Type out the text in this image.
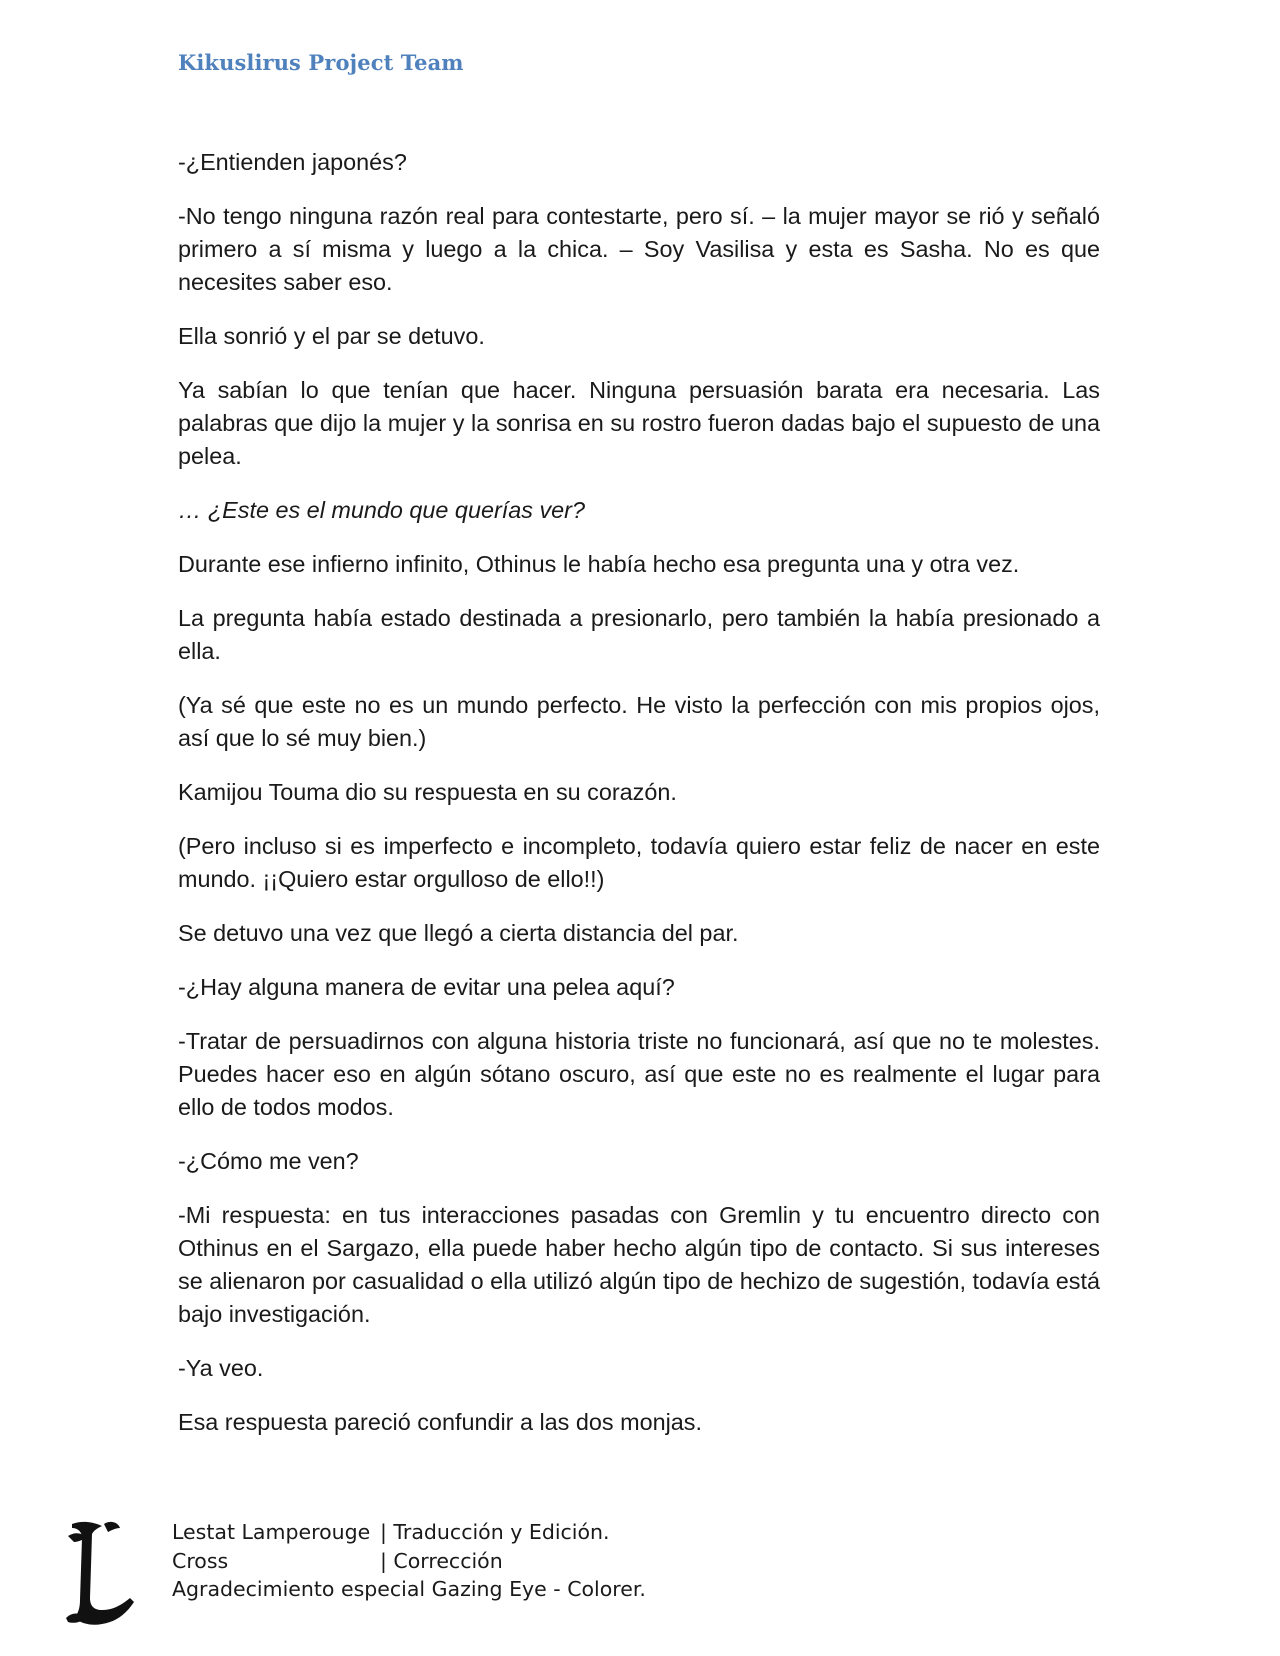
Kikuslirus Project Team

-¿Entienden japonés?

-No tengo ninguna razón real para contestarte, pero sí. – la mujer mayor se rió y señaló primero a sí misma y luego a la chica. – Soy Vasilisa y esta es Sasha. No es que necesites saber eso.

Ella sonrió y el par se detuvo.

Ya sabían lo que tenían que hacer. Ninguna persuasión barata era necesaria. Las palabras que dijo la mujer y la sonrisa en su rostro fueron dadas bajo el supuesto de una pelea.

… ¿Este es el mundo que querías ver?

Durante ese infierno infinito, Othinus le había hecho esa pregunta una y otra vez.

La pregunta había estado destinada a presionarlo, pero también la había presionado a ella.

(Ya sé que este no es un mundo perfecto. He visto la perfección con mis propios ojos, así que lo sé muy bien.)

Kamijou Touma dio su respuesta en su corazón.

(Pero incluso si es imperfecto e incompleto, todavía quiero estar feliz de nacer en este mundo. ¡¡Quiero estar orgulloso de ello!!)

Se detuvo una vez que llegó a cierta distancia del par.

-¿Hay alguna manera de evitar una pelea aquí?

-Tratar de persuadirnos con alguna historia triste no funcionará, así que no te molestes. Puedes hacer eso en algún sótano oscuro, así que este no es realmente el lugar para ello de todos modos.

-¿Cómo me ven?

-Mi respuesta: en tus interacciones pasadas con Gremlin y tu encuentro directo con Othinus en el Sargazo, ella puede haber hecho algún tipo de contacto. Si sus intereses se alienaron por casualidad o ella utilizó algún tipo de hechizo de sugestión, todavía está bajo investigación.

-Ya veo.

Esa respuesta pareció confundir a las dos monjas.

Lestat Lamperouge | Traducción y Edición.
Cross	| Corrección
Agradecimiento especial Gazing Eye - Colorer.
